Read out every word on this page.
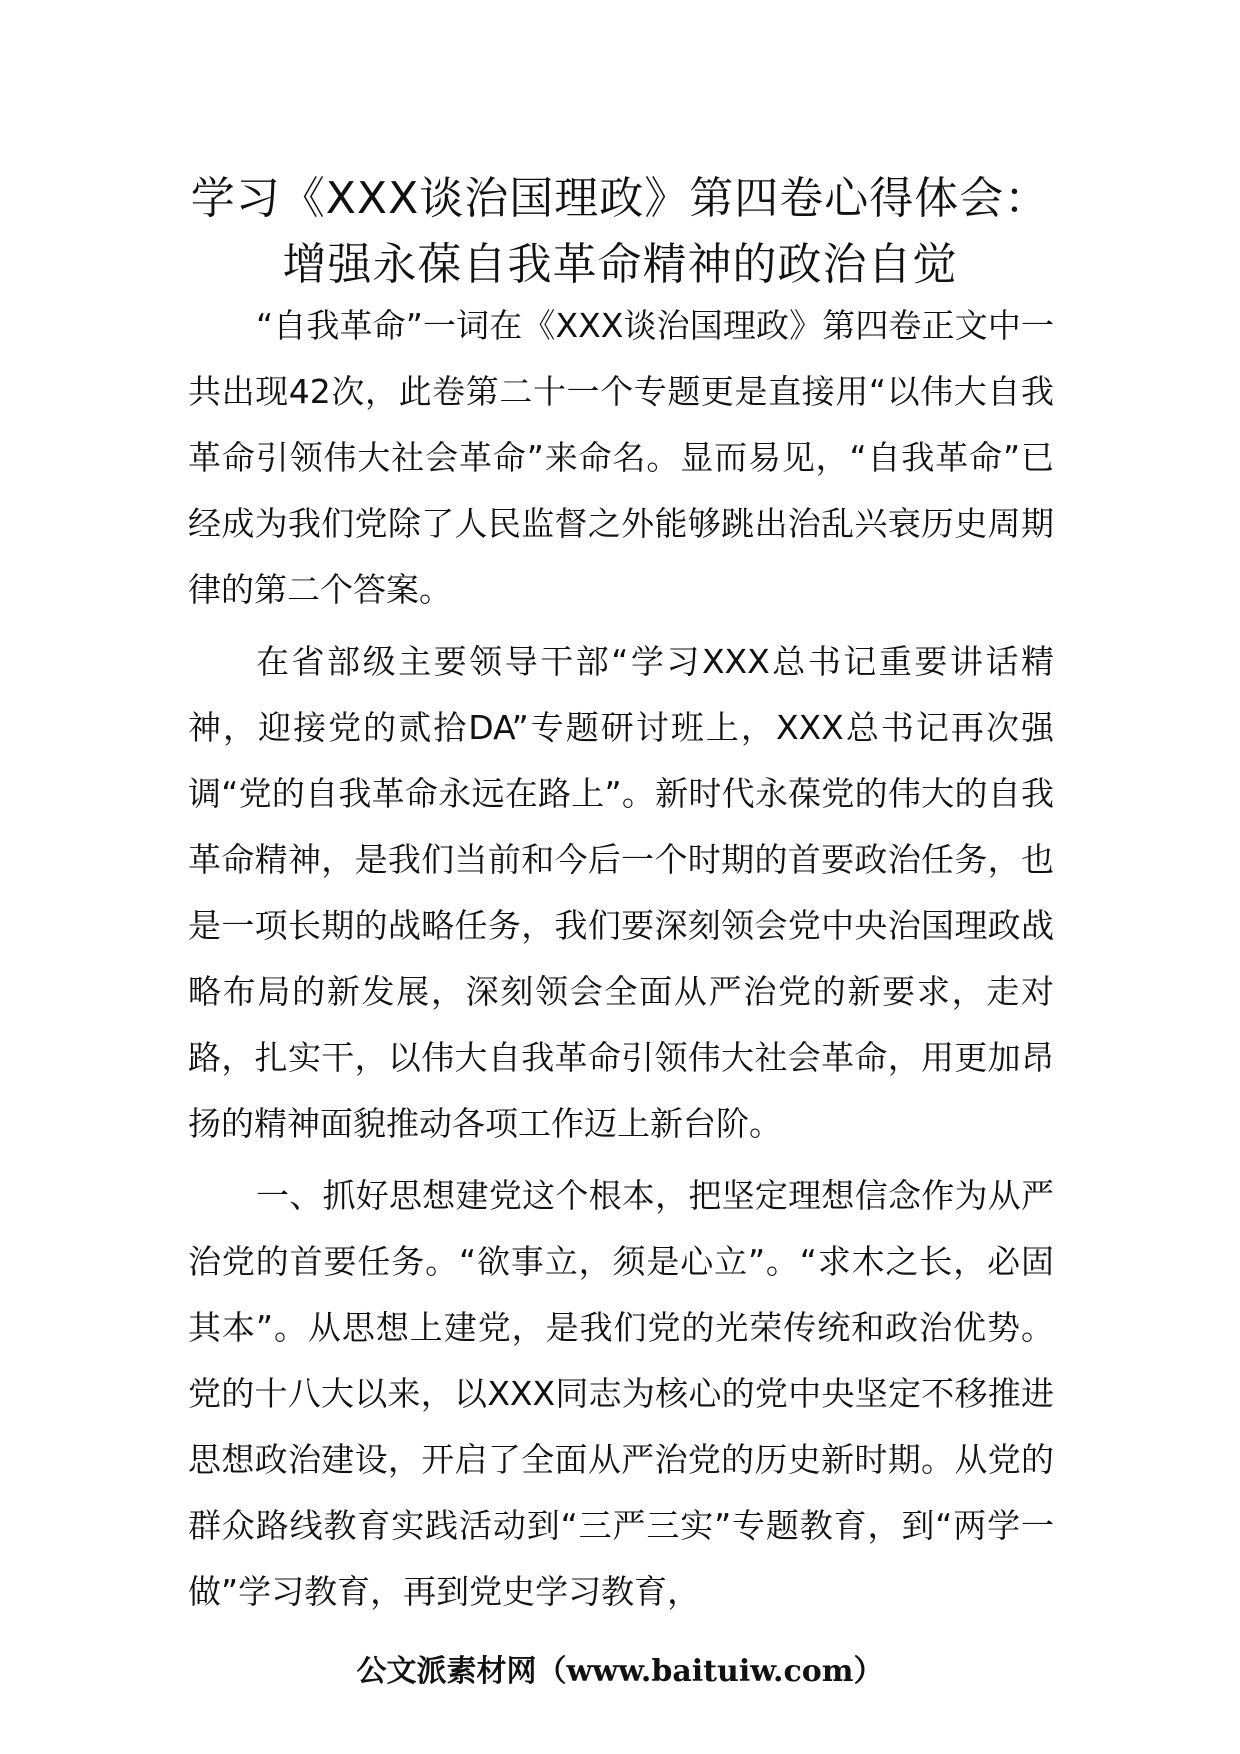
学习《XXX谈治国理政》第四卷心得体会：
增强永葆自我革命精神的政治自觉

“自我革命”一词在《XXX谈治国理政》第四卷正文中一共出现42次，此卷第二十一个专题更是直接用“以伟大自我革命引领伟大社会革命”来命名。显而易见，“自我革命”已经成为我们党除了人民监督之外能够跳出治乱兴衰历史周期律的第二个答案。

在省部级主要领导干部“学习XXX总书记重要讲话精神，迎接党的贰拾DA”专题研讨班上，XXX总书记再次强调“党的自我革命永远在路上”。新时代永葆党的伟大的自我革命精神，是我们当前和今后一个时期的首要政治任务，也是一项长期的战略任务，我们要深刻领会党中央治国理政战略布局的新发展，深刻领会全面从严治党的新要求，走对路，扎实干，以伟大自我革命引领伟大社会革命，用更加昂扬的精神面貌推动各项工作迈上新台阶。

一、抓好思想建党这个根本，把坚定理想信念作为从严治党的首要任务。“欲事立，须是心立”。“求木之长，必固其本”。从思想上建党，是我们党的光荣传统和政治优势。党的十八大以来，以XXX同志为核心的党中央坚定不移推进思想政治建设，开启了全面从严治党的历史新时期。从党的群众路线教育实践活动到“三严三实”专题教育，到“两学一做”学习教育，再到党史学习教育，

公文派素材网（www.baituiw.com）
